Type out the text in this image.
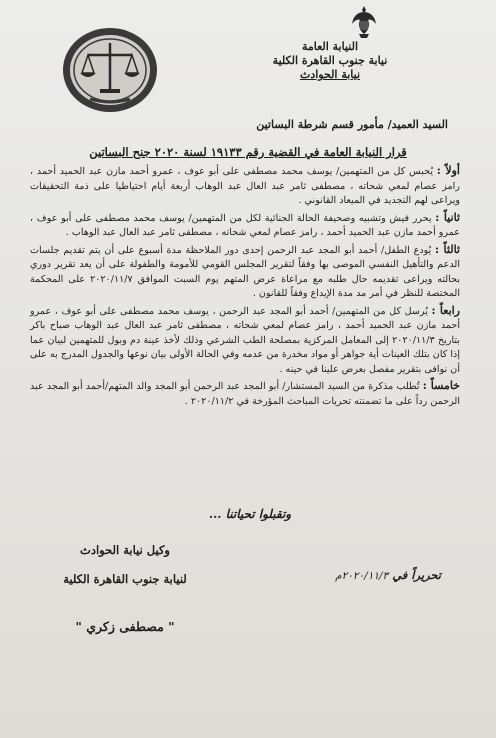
النيابة العامة
نيابة جنوب القاهرة الكلية
نيابة الحوادث
السيد العميد/ مأمور قسم شرطة البساتين
قرار النيابة العامة في القضية رقم ١٩١٣٣ لسنة ٢٠٢٠ جنح البساتين
أولاً : يُحبس كل من المتهمين/ يوسف محمد مصطفى على أبو عوف ، عمرو أحمد مازن عبد الحميد أحمد ، رامز عصام لمعي شحاته ، مصطفى ثامر عبد العال عبد الوهاب أربعة أيام احتياطيا على ذمة التحقيقات ويراعى لهم التجديد في الميعاد القانوني .
ثانياً : يحرر فيش وتشبيه وصحيفة الحالة الجنائية لكل من المتهمين/ يوسف محمد مصطفى على أبو عوف ، عمرو أحمد مازن عبد الحميد أحمد ، رامز عصام لمعي شحاته ، مصطفى ثامر عبد العال عبد الوهاب .
ثالثاً : يُودع الطفل/ أحمد أبو المجد عبد الرحمن إحدى دور الملاحظة مدة أسبوع على أن يتم تقديم جلسات الدعم والتأهيل النفسي الموصى بها وفقاً لتقرير المجلس القومي للأمومة والطفولة على أن يعد تقرير دوري بحالته ويراعى تقديمه حال طلبه مع مراعاة عرض المتهم يوم السبت الموافق ٢٠٢٠/١١/٧ على المحكمة المختصة للنظر في أمر مد مدة الإيداع وفقاً للقانون .
رابعاً : يُرسل كل من المتهمين/ أحمد أبو المجد عبد الرحمن ، يوسف محمد مصطفى على أبو عوف ، عمرو أحمد مازن عبد الحميد أحمد ، رامز عصام لمعي شحاته ، مصطفى ثامر عبد العال عبد الوهاب صباح باكر بتاريخ ٢٠٢٠/١١/٣ إلى المعامل المركزية بمصلحة الطب الشرعي وذلك لأخذ عينة دم وبول للمتهمين لبيان عما إذا كان بتلك العينات أية جواهر أو مواد مخدرة من عدمه وفي الحالة الأولى بيان نوعها والجدول المدرج به على أن نوافى بتقرير مفصل بعرض علينا في حينه .
خامساً : تُطلب مذكرة من السيد المستشار/ أبو المجد عبد الرحمن أبو المجد والد المتهم/أحمد أبو المجد عبد الرحمن رداً على ما تضمنته تحريات المباحث المؤرخة في ٢٠٢٠/١١/٢ .
وتقبلوا تحياتنا ...
وكيل نيابة الحوادث
لنيابة جنوب القاهرة الكلية
" مصطفى زكري "
تحريراً في ٢٠٢٠/١١/٣م
